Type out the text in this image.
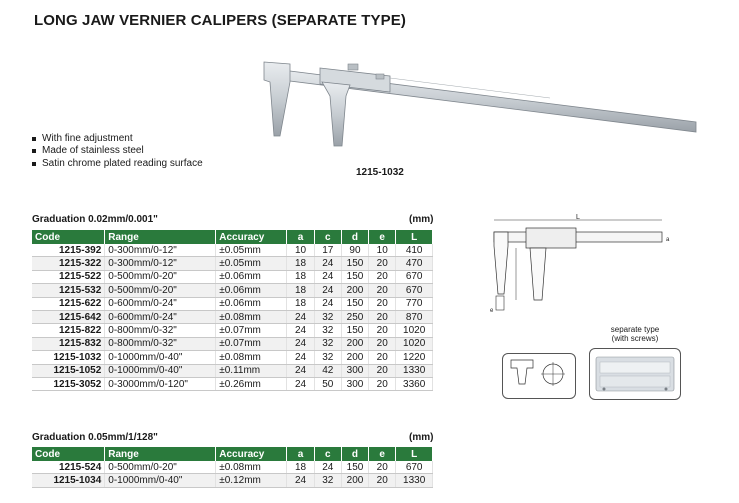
LONG JAW VERNIER CALIPERS (SEPARATE TYPE)
With fine adjustment
Made of stainless steel
Satin chrome plated reading surface
1215-1032
Graduation 0.02mm/0.001"	(mm)
Code	Range	Accuracy	a	c	d	e	L
1215-392	0-300mm/0-12"	±0.05mm	10	17	90	10	410
1215-322	0-300mm/0-12"	±0.05mm	18	24	150	20	470
1215-522	0-500mm/0-20"	±0.06mm	18	24	150	20	670
1215-532	0-500mm/0-20"	±0.06mm	18	24	200	20	670
1215-622	0-600mm/0-24"	±0.06mm	18	24	150	20	770
1215-642	0-600mm/0-24"	±0.08mm	24	32	250	20	870
1215-822	0-800mm/0-32"	±0.07mm	24	32	150	20	1020
1215-832	0-800mm/0-32"	±0.07mm	24	32	200	20	1020
1215-1032	0-1000mm/0-40"	±0.08mm	24	32	200	20	1220
1215-1052	0-1000mm/0-40"	±0.11mm	24	42	300	20	1330
1215-3052	0-3000mm/0-120"	±0.26mm	24	50	300	20	3360
Graduation 0.05mm/1/128"	(mm)
Code	Range	Accuracy	a	c	d	e	L
1215-524	0-500mm/0-20"	±0.08mm	18	24	150	20	670
1215-1034	0-1000mm/0-40"	±0.12mm	24	32	200	20	1330
L
e
a
separate type
(with screws)
